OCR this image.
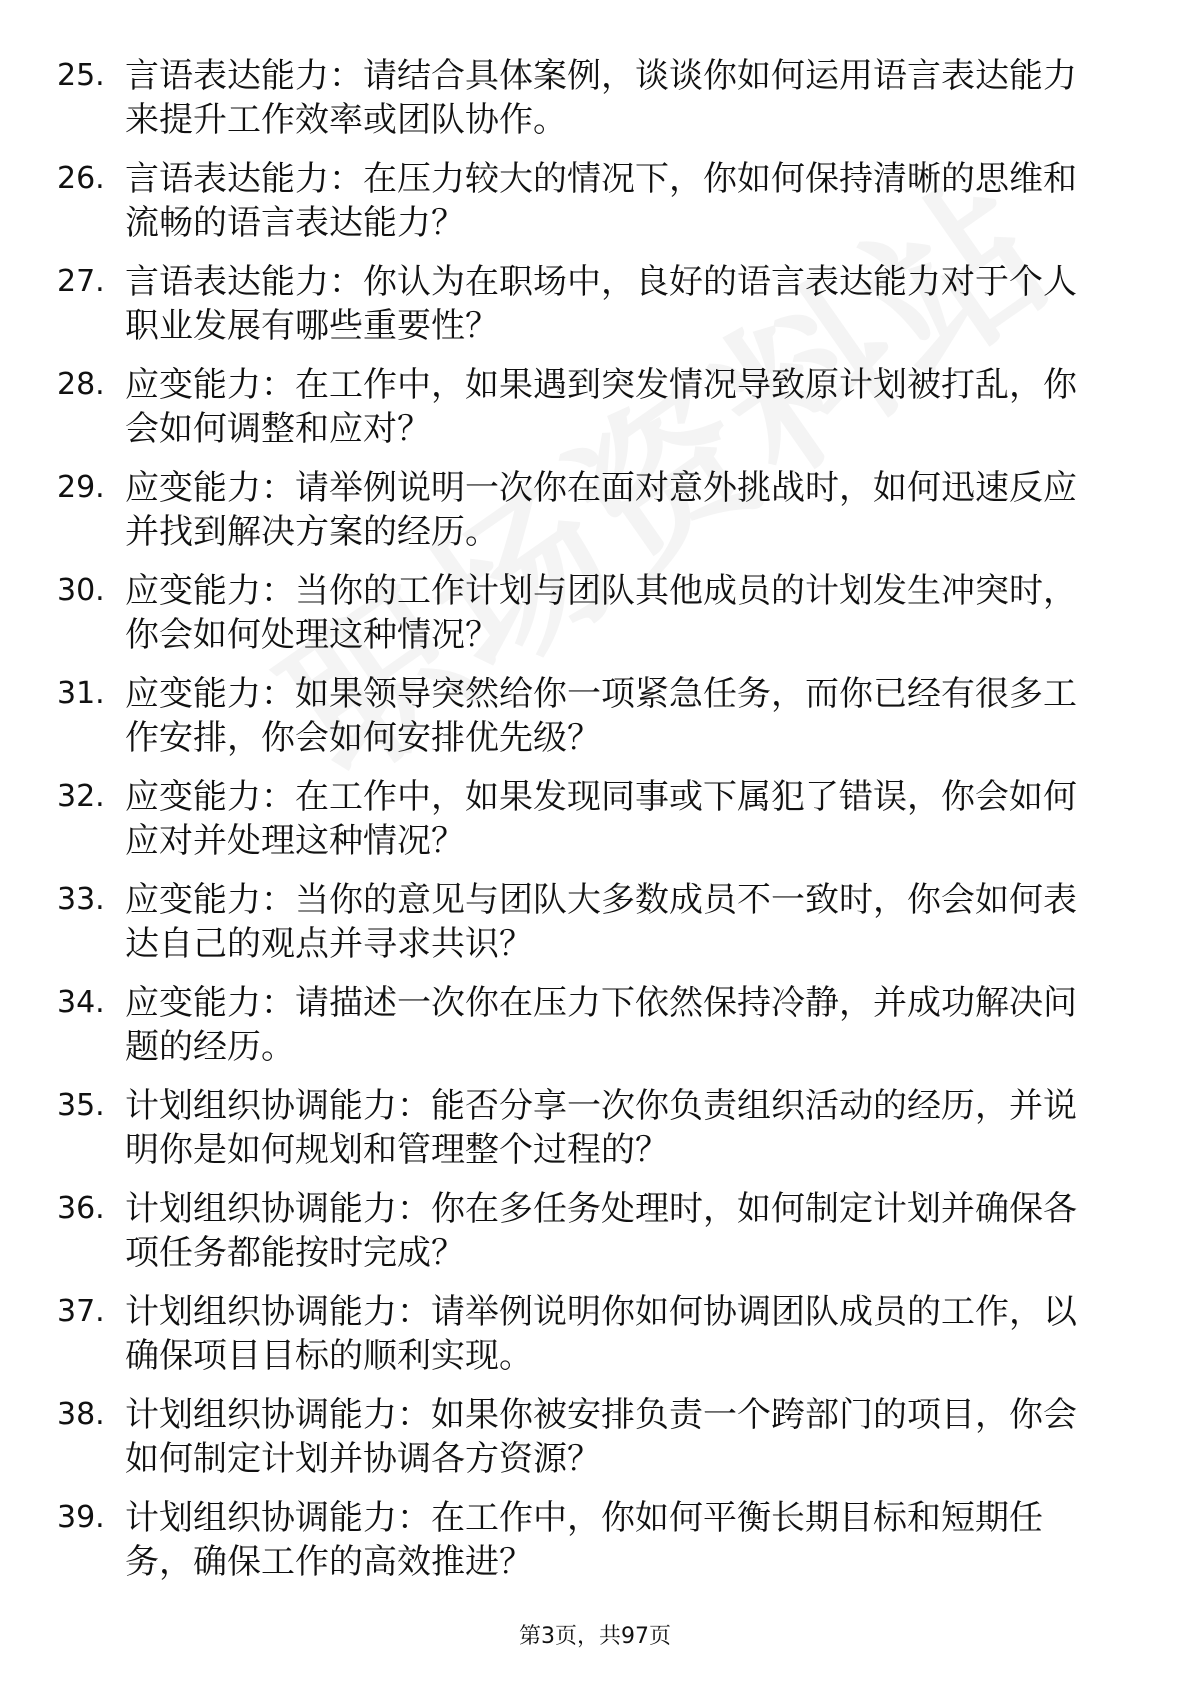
25. 言语表达能力：请结合具体案例，谈谈你如何运用语言表达能力来提升工作效率或团队协作。
26. 言语表达能力：在压力较大的情况下，你如何保持清晰的思维和流畅的语言表达能力？
27. 言语表达能力：你认为在职场中，良好的语言表达能力对于个人职业发展有哪些重要性？
28. 应变能力：在工作中，如果遇到突发情况导致原计划被打乱，你会如何调整和应对？
29. 应变能力：请举例说明一次你在面对意外挑战时，如何迅速反应并找到解决方案的经历。
30. 应变能力：当你的工作计划与团队其他成员的计划发生冲突时，你会如何处理这种情况？
31. 应变能力：如果领导突然给你一项紧急任务，而你已经有很多工作安排，你会如何安排优先级？
32. 应变能力：在工作中，如果发现同事或下属犯了错误，你会如何应对并处理这种情况？
33. 应变能力：当你的意见与团队大多数成员不一致时，你会如何表达自己的观点并寻求共识？
34. 应变能力：请描述一次你在压力下依然保持冷静，并成功解决问题的经历。
35. 计划组织协调能力：能否分享一次你负责组织活动的经历，并说明你是如何规划和管理整个过程的？
36. 计划组织协调能力：你在多任务处理时，如何制定计划并确保各项任务都能按时完成？
37. 计划组织协调能力：请举例说明你如何协调团队成员的工作，以确保项目目标的顺利实现。
38. 计划组织协调能力：如果你被安排负责一个跨部门的项目，你会如何制定计划并协调各方资源？
39. 计划组织协调能力：在工作中，你如何平衡长期目标和短期任务，确保工作的高效推进？
第3页，共97页
